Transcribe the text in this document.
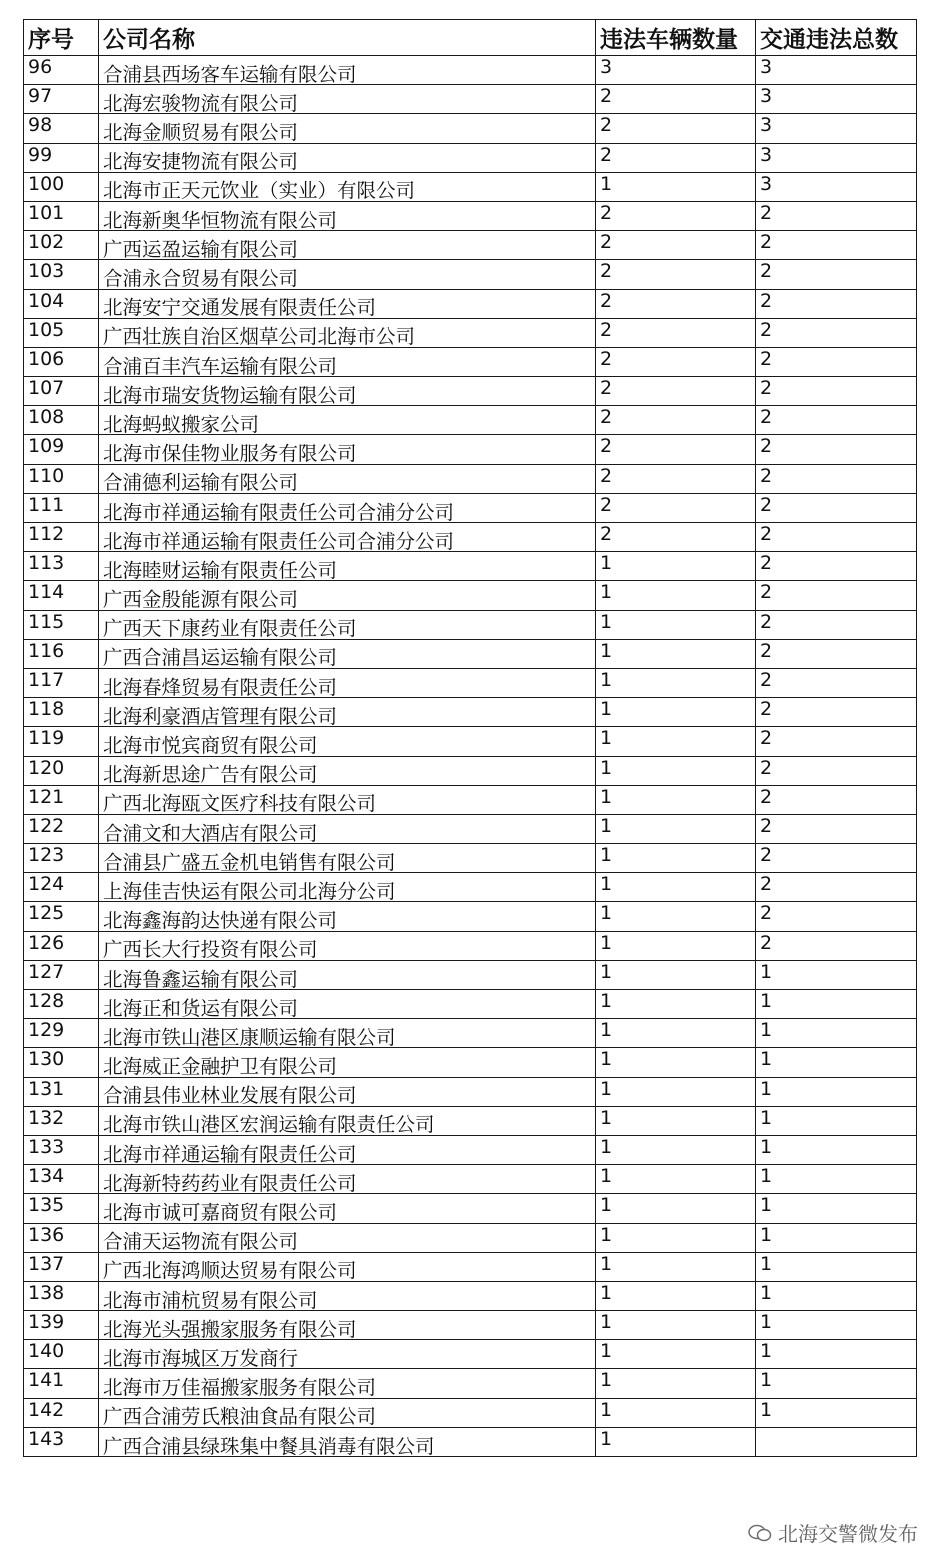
序号	公司名称	违法车辆数量	交通违法总数
96	合浦县西场客车运输有限公司	3	3
97	北海宏骏物流有限公司	2	3
98	北海金顺贸易有限公司	2	3
99	北海安捷物流有限公司	2	3
100	北海市正天元饮业（实业）有限公司	1	3
101	北海新奥华恒物流有限公司	2	2
102	广西运盈运输有限公司	2	2
103	合浦永合贸易有限公司	2	2
104	北海安宁交通发展有限责任公司	2	2
105	广西壮族自治区烟草公司北海市公司	2	2
106	合浦百丰汽车运输有限公司	2	2
107	北海市瑞安货物运输有限公司	2	2
108	北海蚂蚁搬家公司	2	2
109	北海市保佳物业服务有限公司	2	2
110	合浦德利运输有限公司	2	2
111	北海市祥通运输有限责任公司合浦分公司	2	2
112	北海市祥通运输有限责任公司合浦分公司	2	2
113	北海睦财运输有限责任公司	1	2
114	广西金殷能源有限公司	1	2
115	广西天下康药业有限责任公司	1	2
116	广西合浦昌运运输有限公司	1	2
117	北海春烽贸易有限责任公司	1	2
118	北海利豪酒店管理有限公司	1	2
119	北海市悦宾商贸有限公司	1	2
120	北海新思途广告有限公司	1	2
121	广西北海瓯文医疗科技有限公司	1	2
122	合浦文和大酒店有限公司	1	2
123	合浦县广盛五金机电销售有限公司	1	2
124	上海佳吉快运有限公司北海分公司	1	2
125	北海鑫海韵达快递有限公司	1	2
126	广西长大行投资有限公司	1	2
127	北海鲁鑫运输有限公司	1	1
128	北海正和货运有限公司	1	1
129	北海市铁山港区康顺运输有限公司	1	1
130	北海威正金融护卫有限公司	1	1
131	合浦县伟业林业发展有限公司	1	1
132	北海市铁山港区宏润运输有限责任公司	1	1
133	北海市祥通运输有限责任公司	1	1
134	北海新特药药业有限责任公司	1	1
135	北海市诚可嘉商贸有限公司	1	1
136	合浦天运物流有限公司	1	1
137	广西北海鸿顺达贸易有限公司	1	1
138	北海市浦杭贸易有限公司	1	1
139	北海光头强搬家服务有限公司	1	1
140	北海市海城区万发商行	1	1
141	北海市万佳福搬家服务有限公司	1	1
142	广西合浦劳氏粮油食品有限公司	1	1
143	广西合浦县绿珠集中餐具消毒有限公司	1	
北海交警微发布
